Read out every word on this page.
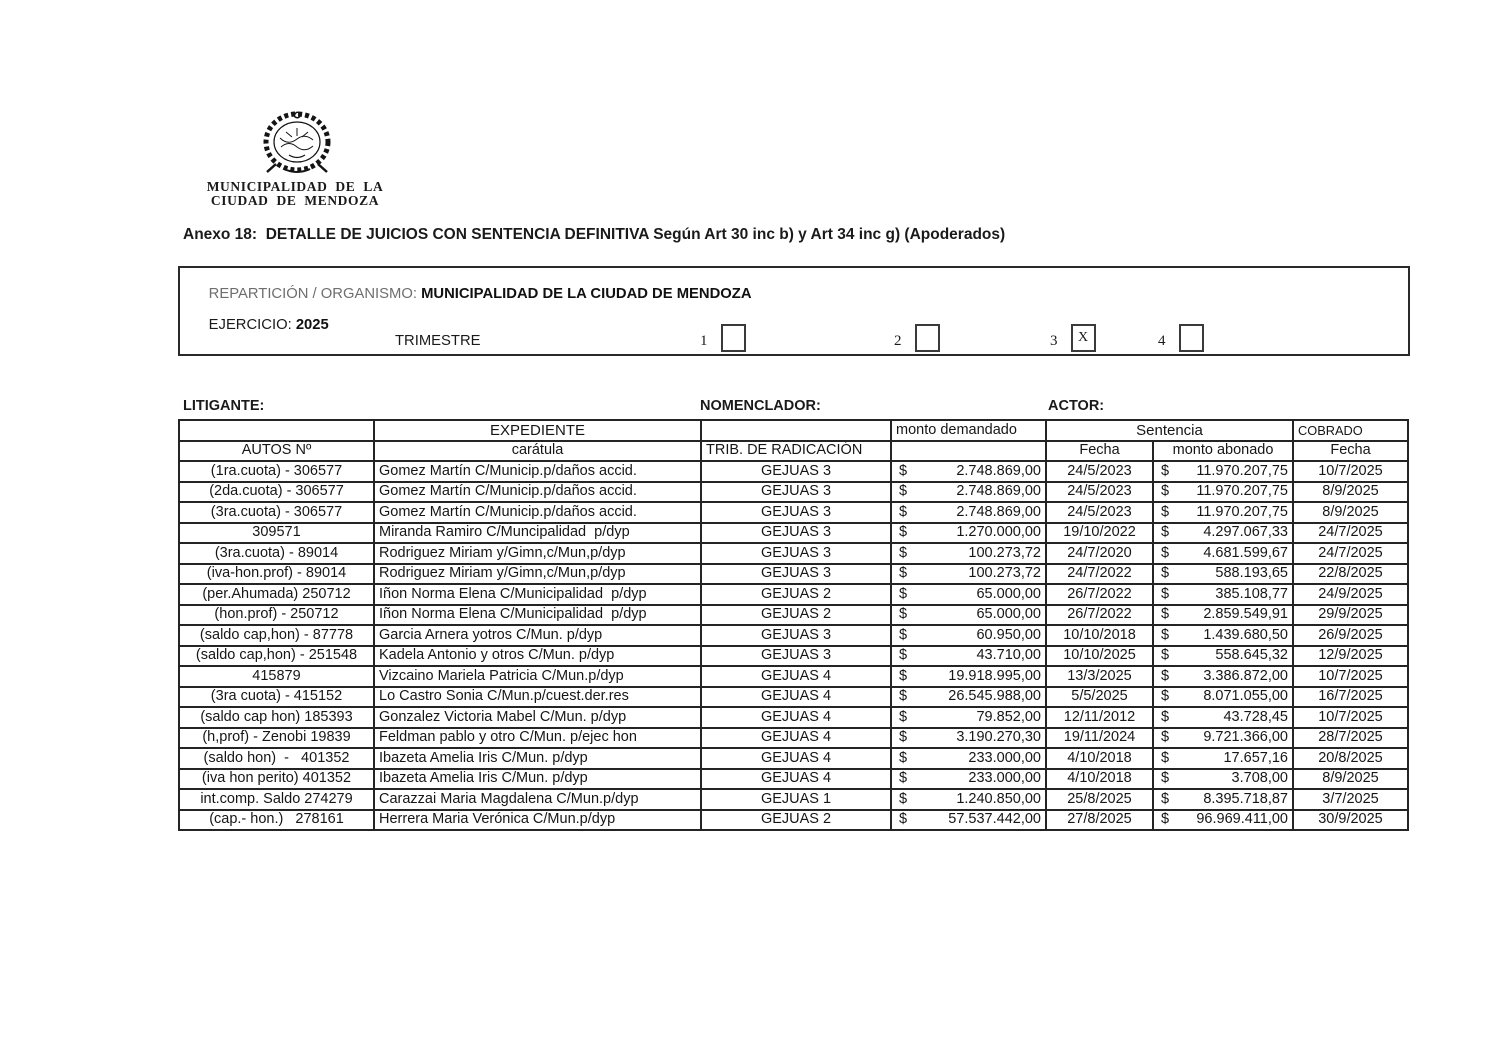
MUNICIPALIDAD  DE  LA
CIUDAD  DE  MENDOZA
Anexo 18:  DETALLE DE JUICIOS CON SENTENCIA DEFINITIVA Según Art 30 inc b) y Art 34 inc g) (Apoderados)

REPARTICIÓN / ORGANISMO: MUNICIPALIDAD DE LA CIUDAD DE MENDOZA

EJERCICIO: 2025

TRIMESTRE	1	2	3	X	4
LITIGANTE:	NOMENCLADOR:	ACTOR:
	EXPEDIENTE		monto demandado	Sentencia		COBRADO
AUTOS Nº	carátula	TRIB. DE RADICACIÓN		Fecha	monto abonado	Fecha
(1ra.cuota) - 306577	Gomez Martín C/Municip.p/daños accid.	GEJUAS 3	$ 2.748.869,00	24/5/2023	$ 11.970.207,75	10/7/2025
(2da.cuota) - 306577	Gomez Martín C/Municip.p/daños accid.	GEJUAS 3	$ 2.748.869,00	24/5/2023	$ 11.970.207,75	8/9/2025
(3ra.cuota) - 306577	Gomez Martín C/Municip.p/daños accid.	GEJUAS 3	$ 2.748.869,00	24/5/2023	$ 11.970.207,75	8/9/2025
309571	Miranda Ramiro C/Muncipalidad  p/dyp	GEJUAS 3	$ 1.270.000,00	19/10/2022	$ 4.297.067,33	24/7/2025
(3ra.cuota) - 89014	Rodriguez Miriam y/Gimn,c/Mun,p/dyp	GEJUAS 3	$ 100.273,72	24/7/2020	$ 4.681.599,67	24/7/2025
(iva-hon.prof) - 89014	Rodriguez Miriam y/Gimn,c/Mun,p/dyp	GEJUAS 3	$ 100.273,72	24/7/2022	$ 588.193,65	22/8/2025
(per.Ahumada) 250712	Iñon Norma Elena C/Municipalidad  p/dyp	GEJUAS 2	$ 65.000,00	26/7/2022	$ 385.108,77	24/9/2025
(hon.prof) - 250712	Iñon Norma Elena C/Municipalidad  p/dyp	GEJUAS 2	$ 65.000,00	26/7/2022	$ 2.859.549,91	29/9/2025
(saldo cap,hon) - 87778	Garcia Arnera yotros C/Mun. p/dyp	GEJUAS 3	$ 60.950,00	10/10/2018	$ 1.439.680,50	26/9/2025
(saldo cap,hon) - 251548	Kadela Antonio y otros C/Mun. p/dyp	GEJUAS 3	$ 43.710,00	10/10/2025	$ 558.645,32	12/9/2025
415879	Vizcaino Mariela Patricia C/Mun.p/dyp	GEJUAS 4	$ 19.918.995,00	13/3/2025	$ 3.386.872,00	10/7/2025
(3ra cuota) - 415152	Lo Castro Sonia C/Mun.p/cuest.der.res	GEJUAS 4	$ 26.545.988,00	5/5/2025	$ 8.071.055,00	16/7/2025
(saldo cap hon) 185393	Gonzalez Victoria Mabel C/Mun. p/dyp	GEJUAS 4	$ 79.852,00	12/11/2012	$ 43.728,45	10/7/2025
(h,prof) - Zenobi 19839	Feldman pablo y otro C/Mun. p/ejec hon	GEJUAS 4	$ 3.190.270,30	19/11/2024	$ 9.721.366,00	28/7/2025
(saldo hon)  -   401352	Ibazeta Amelia Iris C/Mun. p/dyp	GEJUAS 4	$ 233.000,00	4/10/2018	$ 17.657,16	20/8/2025
(iva hon perito) 401352	Ibazeta Amelia Iris C/Mun. p/dyp	GEJUAS 4	$ 233.000,00	4/10/2018	$ 3.708,00	8/9/2025
int.comp. Saldo 274279	Carazzai Maria Magdalena C/Mun.p/dyp	GEJUAS 1	$ 1.240.850,00	25/8/2025	$ 8.395.718,87	3/7/2025
(cap.- hon.)   278161	Herrera Maria Verónica C/Mun.p/dyp	GEJUAS 2	$ 57.537.442,00	27/8/2025	$ 96.969.411,00	30/9/2025
